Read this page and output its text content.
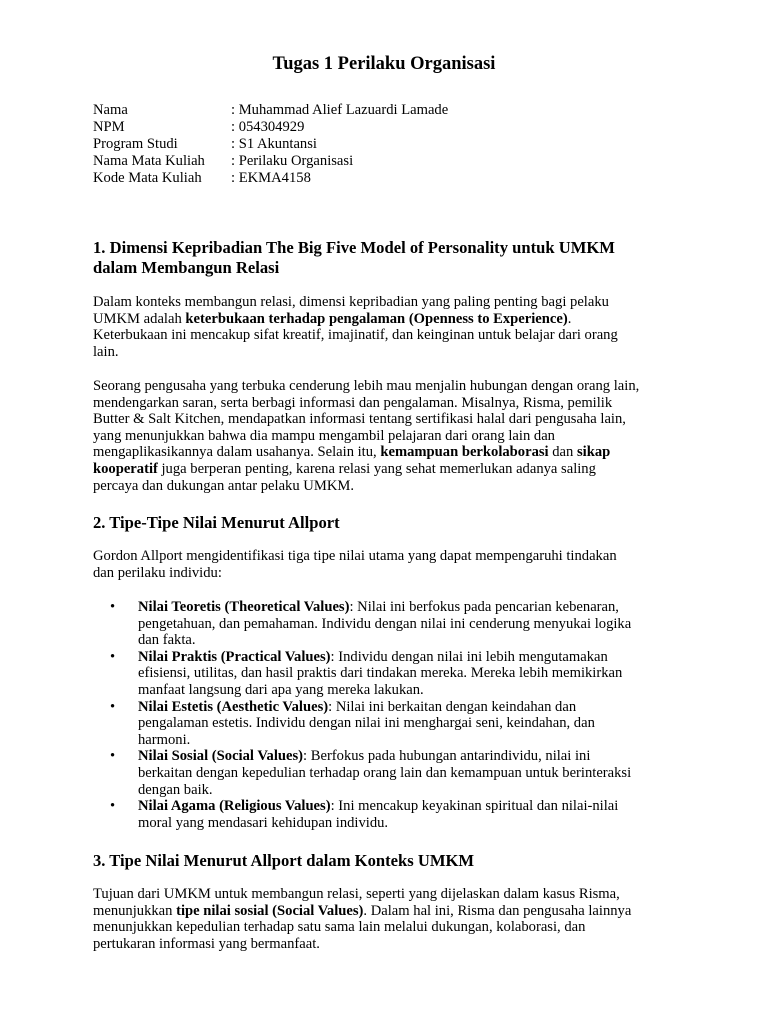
Tugas 1 Perilaku Organisasi
Nama	: Muhammad Alief Lazuardi Lamade
NPM	: 054304929
Program Studi	: S1 Akuntansi
Nama Mata Kuliah	: Perilaku Organisasi
Kode Mata Kuliah	: EKMA4158
1. Dimensi Kepribadian The Big Five Model of Personality untuk UMKM
dalam Membangun Relasi
Dalam konteks membangun relasi, dimensi kepribadian yang paling penting bagi pelaku
UMKM adalah keterbukaan terhadap pengalaman (Openness to Experience).
Keterbukaan ini mencakup sifat kreatif, imajinatif, dan keinginan untuk belajar dari orang
lain.
Seorang pengusaha yang terbuka cenderung lebih mau menjalin hubungan dengan orang lain,
mendengarkan saran, serta berbagi informasi dan pengalaman. Misalnya, Risma, pemilik
Butter & Salt Kitchen, mendapatkan informasi tentang sertifikasi halal dari pengusaha lain,
yang menunjukkan bahwa dia mampu mengambil pelajaran dari orang lain dan
mengaplikasikannya dalam usahanya. Selain itu, kemampuan berkolaborasi dan sikap
kooperatif juga berperan penting, karena relasi yang sehat memerlukan adanya saling
percaya dan dukungan antar pelaku UMKM.
2. Tipe-Tipe Nilai Menurut Allport
Gordon Allport mengidentifikasi tiga tipe nilai utama yang dapat mempengaruhi tindakan
dan perilaku individu:
• Nilai Teoretis (Theoretical Values): Nilai ini berfokus pada pencarian kebenaran,
pengetahuan, dan pemahaman. Individu dengan nilai ini cenderung menyukai logika
dan fakta.
• Nilai Praktis (Practical Values): Individu dengan nilai ini lebih mengutamakan
efisiensi, utilitas, dan hasil praktis dari tindakan mereka. Mereka lebih memikirkan
manfaat langsung dari apa yang mereka lakukan.
• Nilai Estetis (Aesthetic Values): Nilai ini berkaitan dengan keindahan dan
pengalaman estetis. Individu dengan nilai ini menghargai seni, keindahan, dan
harmoni.
• Nilai Sosial (Social Values): Berfokus pada hubungan antarindividu, nilai ini
berkaitan dengan kepedulian terhadap orang lain dan kemampuan untuk berinteraksi
dengan baik.
• Nilai Agama (Religious Values): Ini mencakup keyakinan spiritual dan nilai-nilai
moral yang mendasari kehidupan individu.
3. Tipe Nilai Menurut Allport dalam Konteks UMKM
Tujuan dari UMKM untuk membangun relasi, seperti yang dijelaskan dalam kasus Risma,
menunjukkan tipe nilai sosial (Social Values). Dalam hal ini, Risma dan pengusaha lainnya
menunjukkan kepedulian terhadap satu sama lain melalui dukungan, kolaborasi, dan
pertukaran informasi yang bermanfaat.
